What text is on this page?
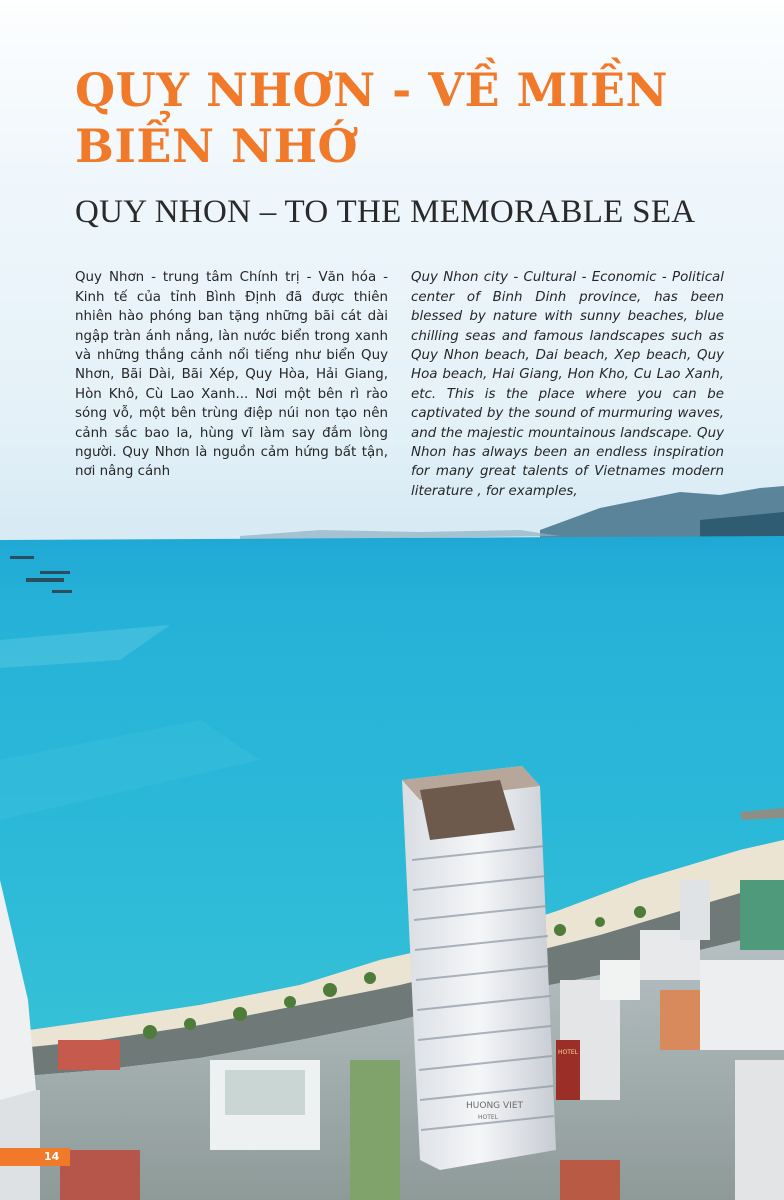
HUONG VIET
HOTEL
HOTEL
QUY NHƠN - VỀ MIỀN BIỂN NHỚ
QUY NHON – TO THE MEMORABLE SEA

Quy Nhơn - trung tâm Chính trị - Văn hóa - Kinh tế của tỉnh Bình Định đã được thiên nhiên hào phóng ban tặng những bãi cát dài ngập tràn ánh nắng, làn nước biển trong xanh và những thắng cảnh nổi tiếng như biển Quy Nhơn, Bãi Dài, Bãi Xép, Quy Hòa, Hải Giang, Hòn Khô, Cù Lao Xanh... Nơi một bên rì rào sóng vỗ, một bên trùng điệp núi non tạo nên cảnh sắc bao la, hùng vĩ làm say đắm lòng người. Quy Nhơn là nguồn cảm hứng bất tận, nơi nâng cánh

Quy Nhon city - Cultural - Economic - Political center of Binh Dinh province, has been blessed by nature with sunny beaches, blue chilling seas and famous landscapes such as Quy Nhon beach, Dai beach, Xep beach, Quy Hoa beach, Hai Giang, Hon Kho, Cu Lao Xanh, etc. This is the place where you can be captivated by the sound of murmuring waves, and the majestic mountainous landscape. Quy Nhon has always been an endless inspiration for many great talents of Vietnames modern literature , for examples,

14
